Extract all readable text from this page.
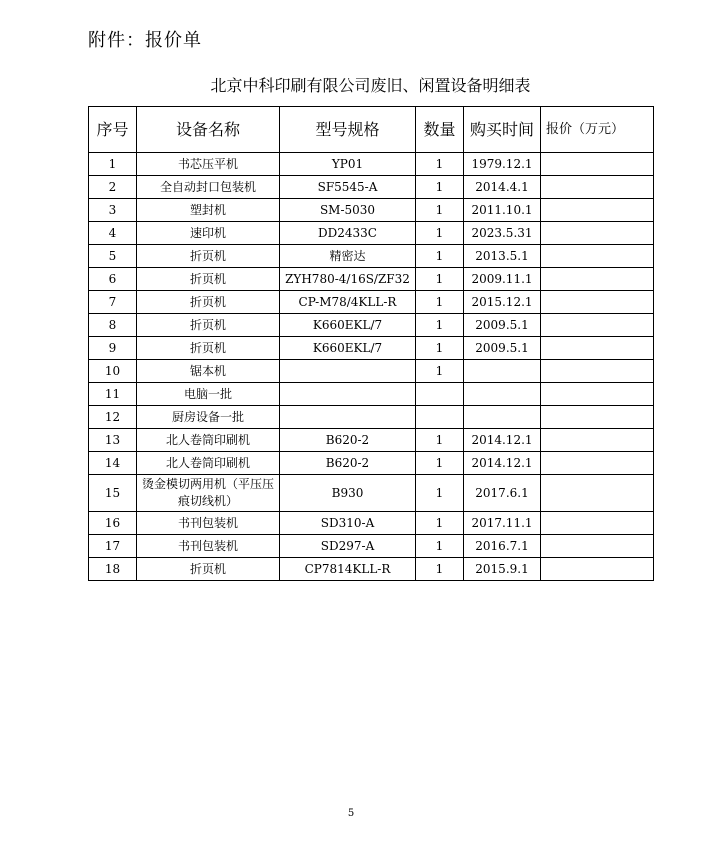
附件：报价单
北京中科印刷有限公司废旧、闲置设备明细表
序号	设备名称	型号规格	数量	购买时间	报价（万元）
1	书芯压平机	YP01	1	1979.12.1	
2	全自动封口包装机	SF5545-A	1	2014.4.1	
3	塑封机	SM-5030	1	2011.10.1	
4	速印机	DD2433C	1	2023.5.31	
5	折页机	精密达	1	2013.5.1	
6	折页机	ZYH780-4/16S/ZF32	1	2009.11.1	
7	折页机	CP-M78/4KLL-R	1	2015.12.1	
8	折页机	K660EKL/7	1	2009.5.1	
9	折页机	K660EKL/7	1	2009.5.1	
10	锯本机		1		
11	电脑一批				
12	厨房设备一批				
13	北人卷筒印刷机	B620-2	1	2014.12.1	
14	北人卷筒印刷机	B620-2	1	2014.12.1	
15	烫金模切两用机（平压压痕切线机）	B930	1	2017.6.1	
16	书刊包装机	SD310-A	1	2017.11.1	
17	书刊包装机	SD297-A	1	2016.7.1	
18	折页机	CP7814KLL-R	1	2015.9.1	
5
